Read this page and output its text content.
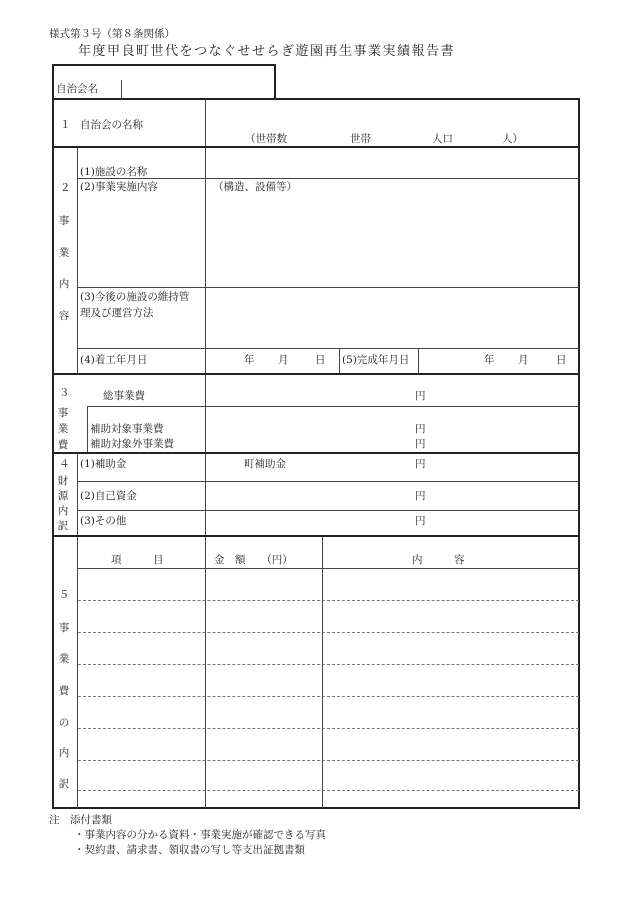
様式第３号（第８条関係）
年度甲良町世代をつなぐせせらぎ遊園再生事業実績報告書
自治会名
１ 自治会の名称
（世帯数	世帯	人口	人）
２
事
業
内
容
(1)施設の名称
(2)事業実施内容	（構造、設備等）
(3)今後の施設の維持管
理及び運営方法
(4)着工年月日	年 月	日 (5)完成年月日	年 月	日
３
事
業
費
総事業費	円
補助対象事業費	円
補助対象外事業費	円
４
財
源
内
訳
(1)補助金	町補助金	円
(2)自己資金	円
(3)その他	円
項　　　目	金　額　　（円）	内　　　容
５
事
業
費
の
内
訳
注　添付書類
・事業内容の分かる資料・事業実施が確認できる写真
・契約書、請求書、領収書の写し等支出証拠書類
